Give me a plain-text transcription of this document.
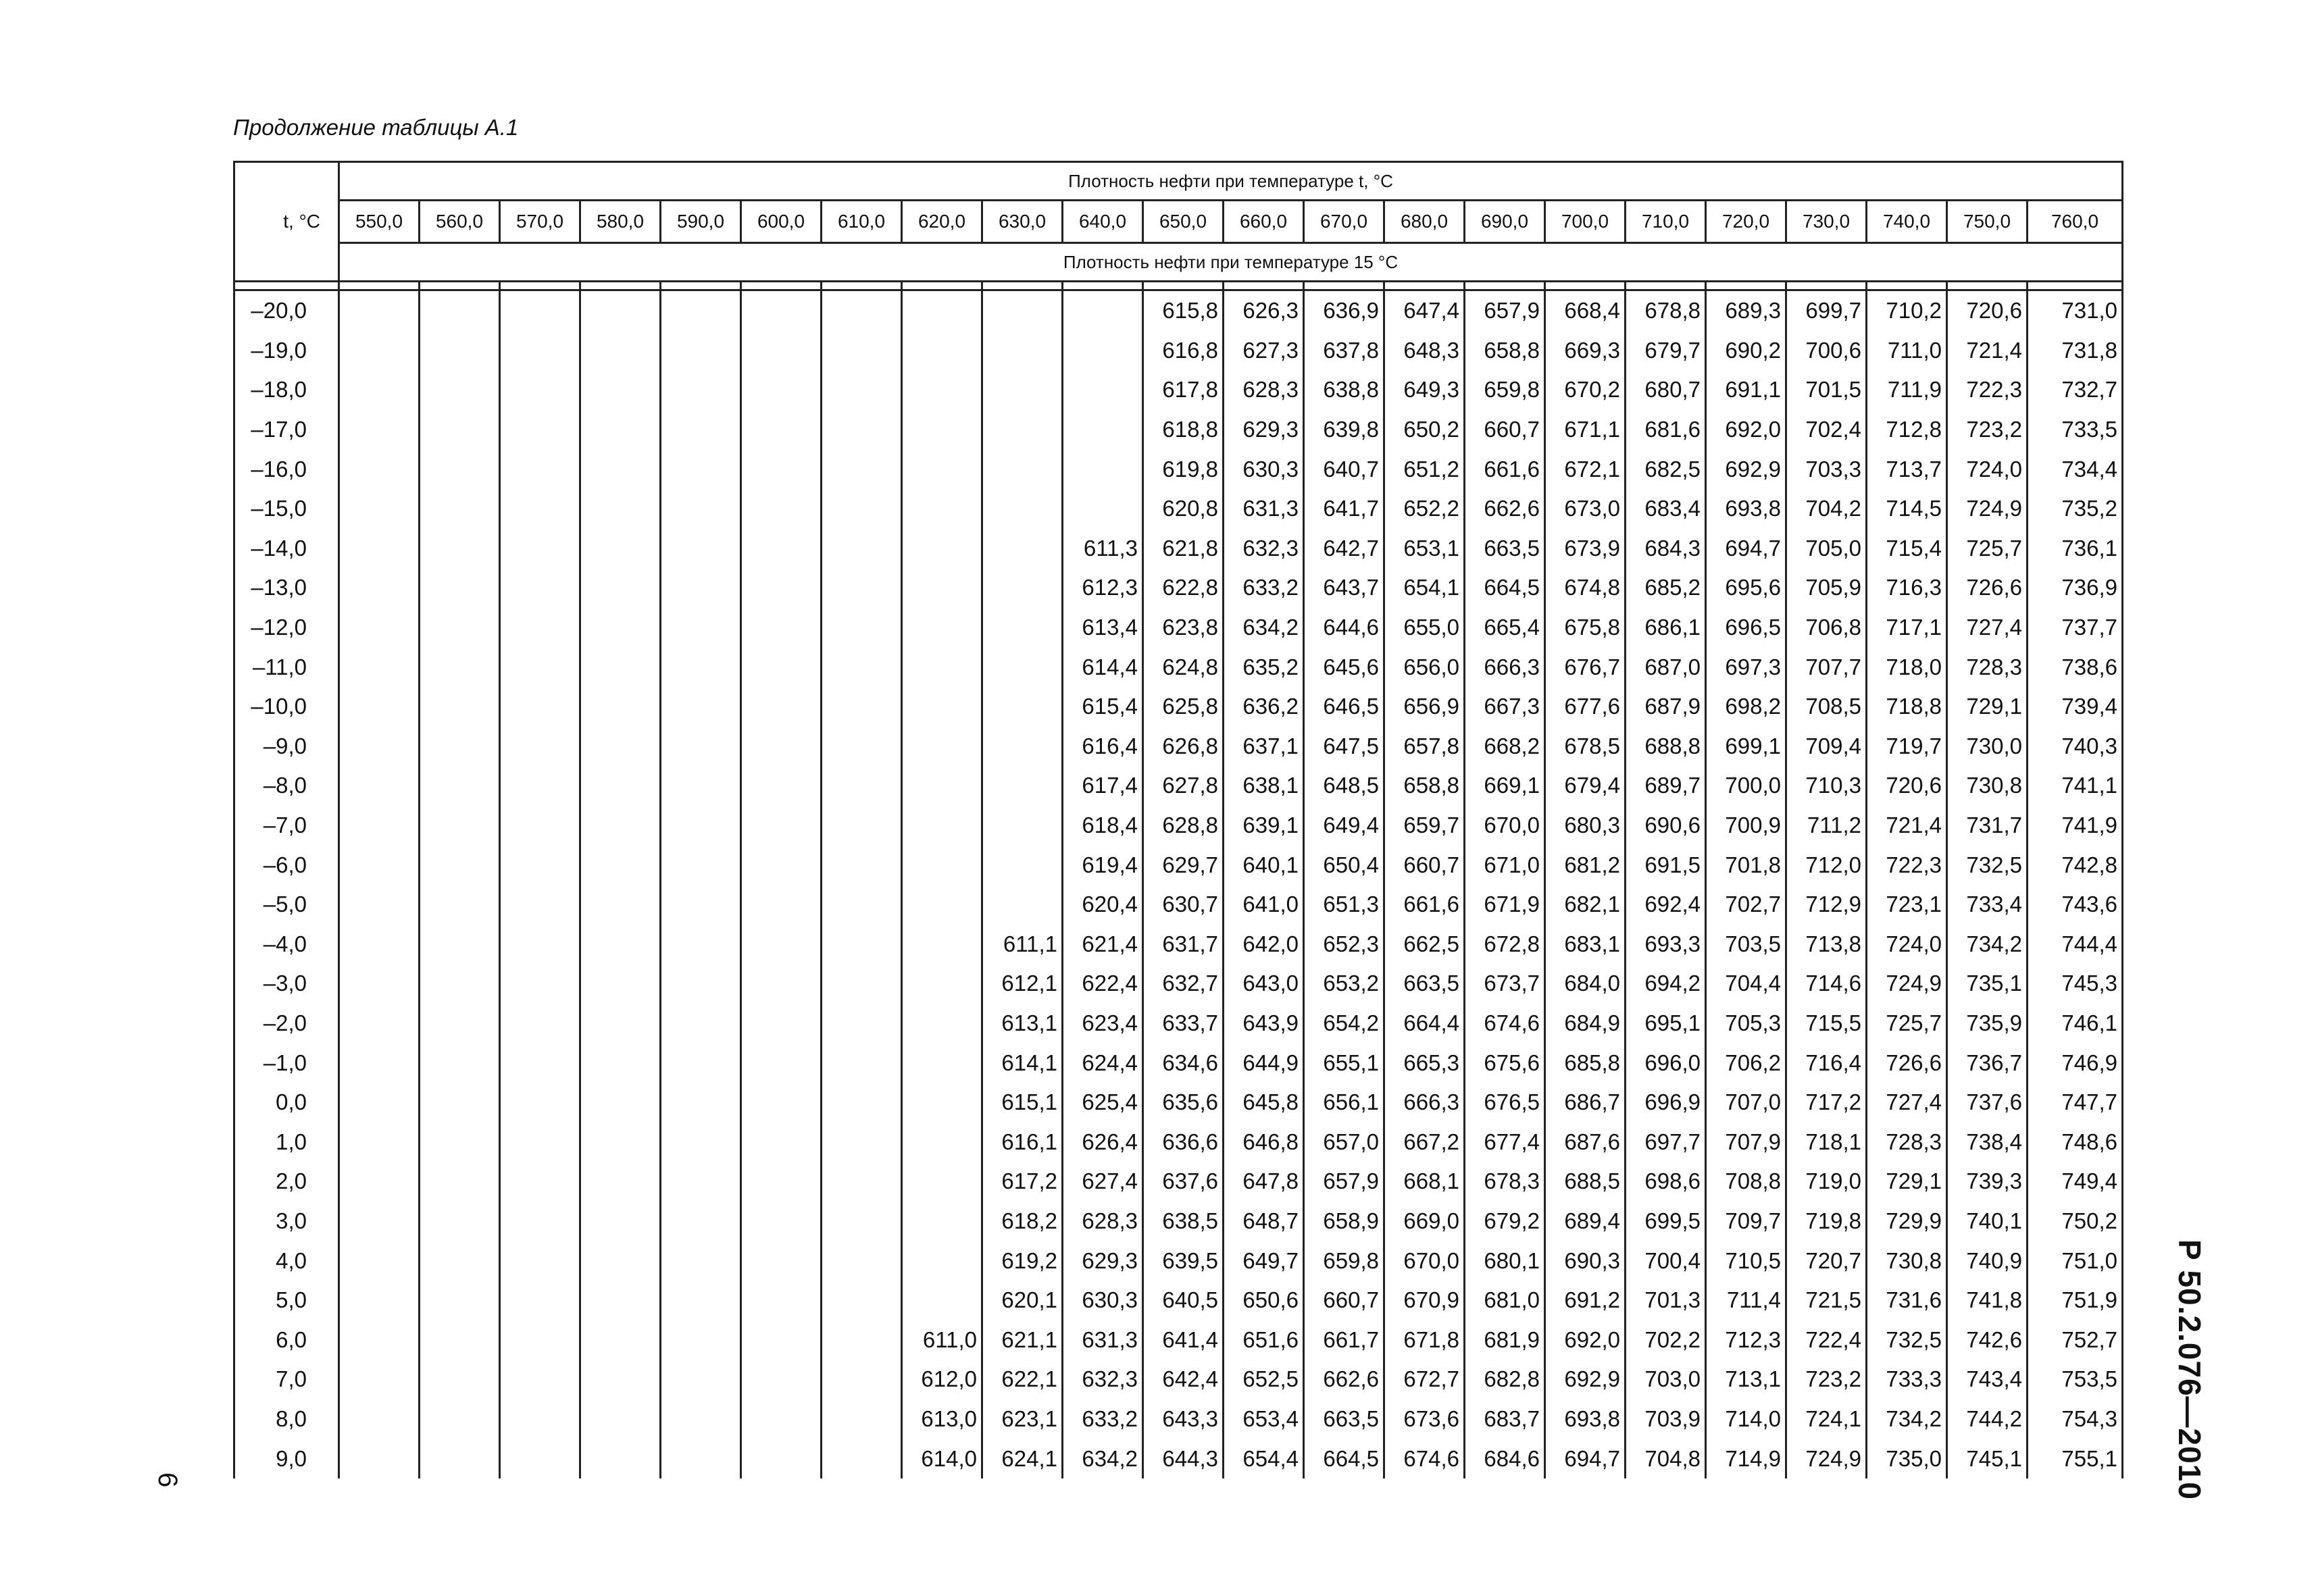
Продолжение таблицы А.1
t, °С	Плотность нефти при температуре t, °С																					
	550,0	560,0	570,0	580,0	590,0	600,0	610,0	620,0	630,0	640,0	650,0	660,0	670,0	680,0	690,0	700,0	710,0	720,0	730,0	740,0	750,0	760,0
	Плотность нефти при температуре 15 °С																					

–20,0											615,8	626,3	636,9	647,4	657,9	668,4	678,8	689,3	699,7	710,2	720,6	731,0
–19,0											616,8	627,3	637,8	648,3	658,8	669,3	679,7	690,2	700,6	711,0	721,4	731,8
–18,0											617,8	628,3	638,8	649,3	659,8	670,2	680,7	691,1	701,5	711,9	722,3	732,7
–17,0											618,8	629,3	639,8	650,2	660,7	671,1	681,6	692,0	702,4	712,8	723,2	733,5
–16,0											619,8	630,3	640,7	651,2	661,6	672,1	682,5	692,9	703,3	713,7	724,0	734,4
–15,0											620,8	631,3	641,7	652,2	662,6	673,0	683,4	693,8	704,2	714,5	724,9	735,2
–14,0										611,3	621,8	632,3	642,7	653,1	663,5	673,9	684,3	694,7	705,0	715,4	725,7	736,1
–13,0										612,3	622,8	633,2	643,7	654,1	664,5	674,8	685,2	695,6	705,9	716,3	726,6	736,9
–12,0										613,4	623,8	634,2	644,6	655,0	665,4	675,8	686,1	696,5	706,8	717,1	727,4	737,7
–11,0										614,4	624,8	635,2	645,6	656,0	666,3	676,7	687,0	697,3	707,7	718,0	728,3	738,6
–10,0										615,4	625,8	636,2	646,5	656,9	667,3	677,6	687,9	698,2	708,5	718,8	729,1	739,4
–9,0										616,4	626,8	637,1	647,5	657,8	668,2	678,5	688,8	699,1	709,4	719,7	730,0	740,3
–8,0										617,4	627,8	638,1	648,5	658,8	669,1	679,4	689,7	700,0	710,3	720,6	730,8	741,1
–7,0										618,4	628,8	639,1	649,4	659,7	670,0	680,3	690,6	700,9	711,2	721,4	731,7	741,9
–6,0										619,4	629,7	640,1	650,4	660,7	671,0	681,2	691,5	701,8	712,0	722,3	732,5	742,8
–5,0										620,4	630,7	641,0	651,3	661,6	671,9	682,1	692,4	702,7	712,9	723,1	733,4	743,6
–4,0									611,1	621,4	631,7	642,0	652,3	662,5	672,8	683,1	693,3	703,5	713,8	724,0	734,2	744,4
–3,0									612,1	622,4	632,7	643,0	653,2	663,5	673,7	684,0	694,2	704,4	714,6	724,9	735,1	745,3
–2,0									613,1	623,4	633,7	643,9	654,2	664,4	674,6	684,9	695,1	705,3	715,5	725,7	735,9	746,1
–1,0									614,1	624,4	634,6	644,9	655,1	665,3	675,6	685,8	696,0	706,2	716,4	726,6	736,7	746,9
0,0									615,1	625,4	635,6	645,8	656,1	666,3	676,5	686,7	696,9	707,0	717,2	727,4	737,6	747,7
1,0									616,1	626,4	636,6	646,8	657,0	667,2	677,4	687,6	697,7	707,9	718,1	728,3	738,4	748,6
2,0									617,2	627,4	637,6	647,8	657,9	668,1	678,3	688,5	698,6	708,8	719,0	729,1	739,3	749,4
3,0									618,2	628,3	638,5	648,7	658,9	669,0	679,2	689,4	699,5	709,7	719,8	729,9	740,1	750,2
4,0									619,2	629,3	639,5	649,7	659,8	670,0	680,1	690,3	700,4	710,5	720,7	730,8	740,9	751,0
5,0									620,1	630,3	640,5	650,6	660,7	670,9	681,0	691,2	701,3	711,4	721,5	731,6	741,8	751,9
6,0								611,0	621,1	631,3	641,4	651,6	661,7	671,8	681,9	692,0	702,2	712,3	722,4	732,5	742,6	752,7
7,0								612,0	622,1	632,3	642,4	652,5	662,6	672,7	682,8	692,9	703,0	713,1	723,2	733,3	743,4	753,5
8,0								613,0	623,1	633,2	643,3	653,4	663,5	673,6	683,7	693,8	703,9	714,0	724,1	734,2	744,2	754,3
9,0								614,0	624,1	634,2	644,3	654,4	664,5	674,6	684,6	694,7	704,8	714,9	724,9	735,0	745,1	755,1
6	Р 50.2.076—2010
